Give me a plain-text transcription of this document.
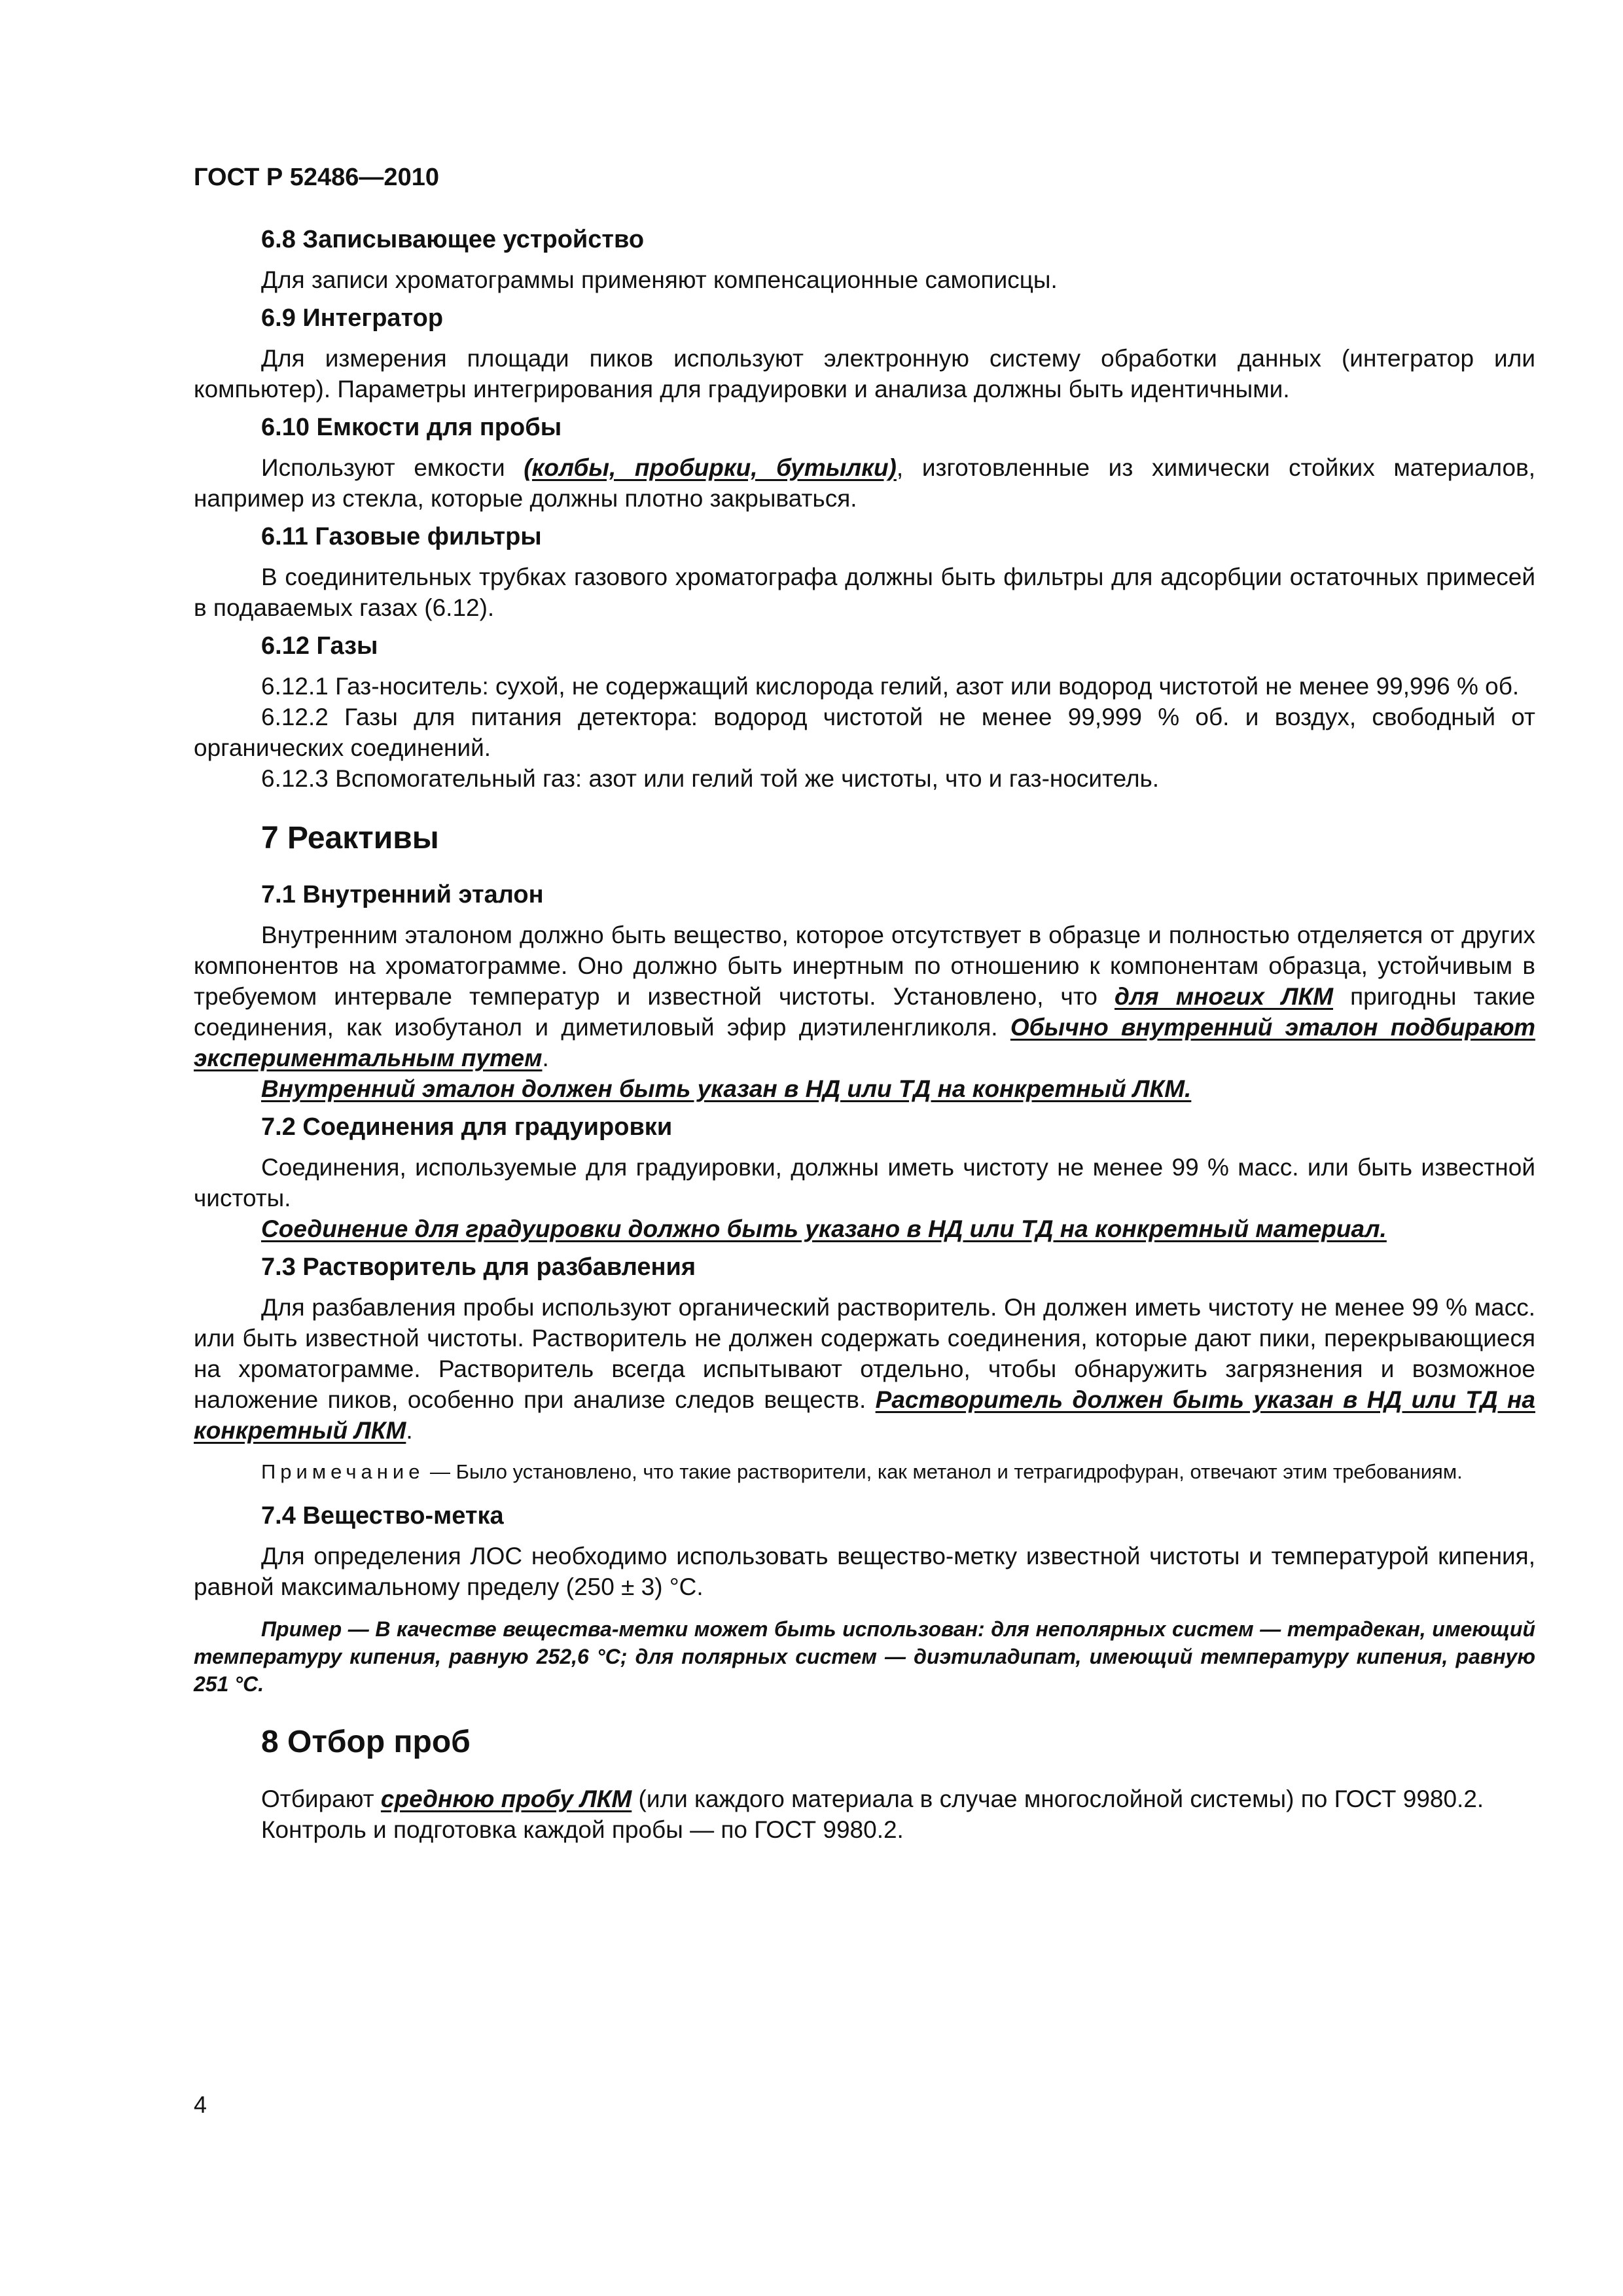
ГОСТ Р 52486—2010
6.8 Записывающее устройство

Для записи хроматограммы применяют компенсационные самописцы.

6.9 Интегратор

Для измерения площади пиков используют электронную систему обработки данных (интегратор или компьютер). Параметры интегрирования для градуировки и анализа должны быть идентичными.

6.10 Емкости для пробы

Используют емкости (колбы, пробирки, бутылки), изготовленные из химически стойких материалов, например из стекла, которые должны плотно закрываться.

6.11 Газовые фильтры

В соединительных трубках газового хроматографа должны быть фильтры для адсорбции остаточных примесей в подаваемых газах (6.12).

6.12 Газы

6.12.1 Газ-носитель: сухой, не содержащий кислорода гелий, азот или водород чистотой не менее 99,996 % об.

6.12.2 Газы для питания детектора: водород чистотой не менее 99,999 % об. и воздух, свободный от органических соединений.

6.12.3 Вспомогательный газ: азот или гелий той же чистоты, что и газ-носитель.

7 Реактивы
7.1 Внутренний эталон

Внутренним эталоном должно быть вещество, которое отсутствует в образце и полностью отделяется от других компонентов на хроматограмме. Оно должно быть инертным по отношению к компонентам образца, устойчивым в требуемом интервале температур и известной чистоты. Установлено, что для многих ЛКМ пригодны такие соединения, как изобутанол и диметиловый эфир диэтиленгликоля. Обычно внутренний эталон подбирают экспериментальным путем.

Внутренний эталон должен быть указан в НД или ТД на конкретный ЛКМ.

7.2 Соединения для градуировки

Соединения, используемые для градуировки, должны иметь чистоту не менее 99 % масс. или быть известной чистоты.

Соединение для градуировки должно быть указано в НД или ТД на конкретный материал.

7.3 Растворитель для разбавления

Для разбавления пробы используют органический растворитель. Он должен иметь чистоту не менее 99 % масс. или быть известной чистоты. Растворитель не должен содержать соединения, которые дают пики, перекрывающиеся на хроматограмме. Растворитель всегда испытывают отдельно, чтобы обнаружить загрязнения и возможное наложение пиков, особенно при анализе следов веществ. Растворитель должен быть указан в НД или ТД на конкретный ЛКМ.

Примечание — Было установлено, что такие растворители, как метанол и тетрагидрофуран, отвечают этим требованиям.

7.4 Вещество-метка

Для определения ЛОС необходимо использовать вещество-метку известной чистоты и температурой кипения, равной максимальному пределу (250 ± 3) °С.

Пример — В качестве вещества-метки может быть использован: для неполярных систем — тетрадекан, имеющий температуру кипения, равную 252,6 °С; для полярных систем — диэтиладипат, имеющий температуру кипения, равную 251 °С.

8 Отбор проб

Отбирают среднюю пробу ЛКМ (или каждого материала в случае многослойной системы) по ГОСТ 9980.2.

Контроль и подготовка каждой пробы — по ГОСТ 9980.2.

4
